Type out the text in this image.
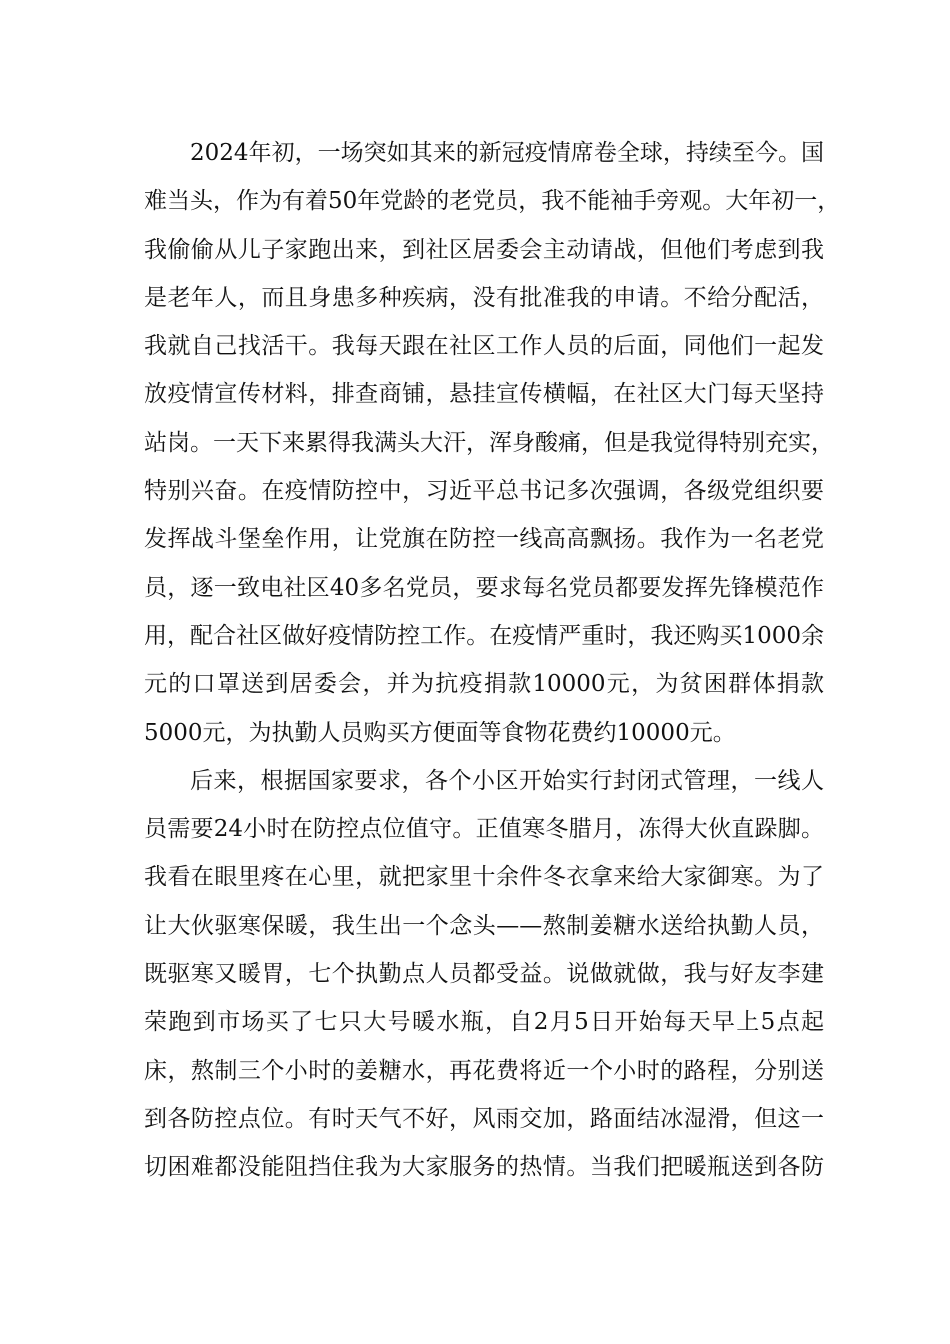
2024年初，一场突如其来的新冠疫情席卷全球，持续至今。国
难当头，作为有着50年党龄的老党员，我不能袖手旁观。大年初一，
我偷偷从儿子家跑出来，到社区居委会主动请战，但他们考虑到我
是老年人，而且身患多种疾病，没有批准我的申请。不给分配活，
我就自己找活干。我每天跟在社区工作人员的后面，同他们一起发
放疫情宣传材料，排查商铺，悬挂宣传横幅，在社区大门每天坚持
站岗。一天下来累得我满头大汗，浑身酸痛，但是我觉得特别充实，
特别兴奋。在疫情防控中，习近平总书记多次强调，各级党组织要
发挥战斗堡垒作用，让党旗在防控一线高高飘扬。我作为一名老党
员，逐一致电社区40多名党员，要求每名党员都要发挥先锋模范作
用，配合社区做好疫情防控工作。在疫情严重时，我还购买1000余
元的口罩送到居委会，并为抗疫捐款10000元，为贫困群体捐款
5000元，为执勤人员购买方便面等食物花费约10000元。
后来，根据国家要求，各个小区开始实行封闭式管理，一线人
员需要24小时在防控点位值守。正值寒冬腊月，冻得大伙直跺脚。
我看在眼里疼在心里，就把家里十余件冬衣拿来给大家御寒。为了
让大伙驱寒保暖，我生出一个念头——熬制姜糖水送给执勤人员，
既驱寒又暖胃，七个执勤点人员都受益。说做就做，我与好友李建
荣跑到市场买了七只大号暖水瓶，自2月5日开始每天早上5点起
床，熬制三个小时的姜糖水，再花费将近一个小时的路程，分别送
到各防控点位。有时天气不好，风雨交加，路面结冰湿滑，但这一
切困难都没能阻挡住我为大家服务的热情。当我们把暖瓶送到各防
